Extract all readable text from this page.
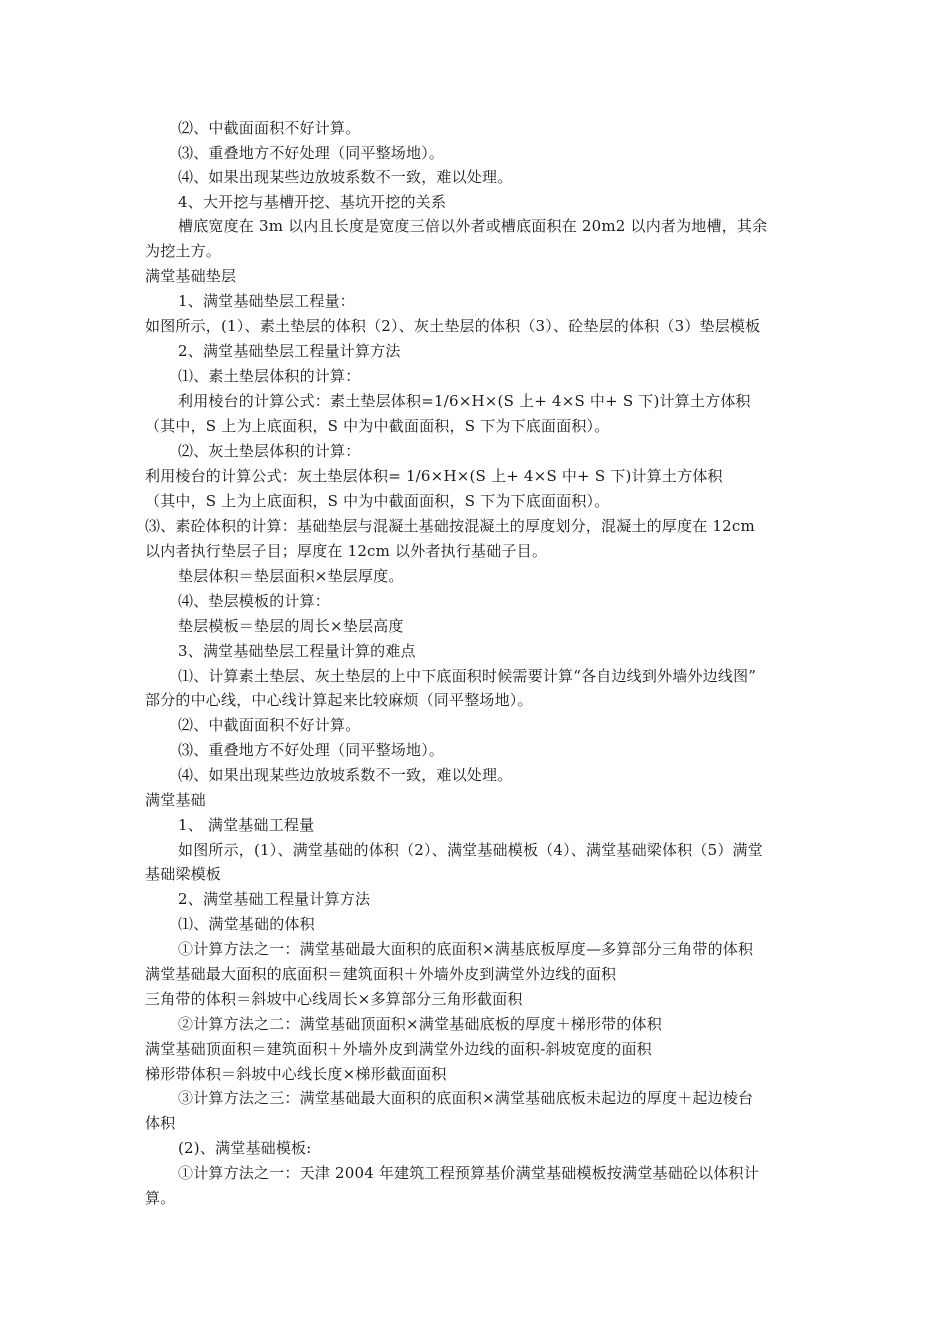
⑵、中截面面积不好计算。
⑶、重叠地方不好处理（同平整场地）。
⑷、如果出现某些边放坡系数不一致，难以处理。
4、大开挖与基槽开挖、基坑开挖的关系
槽底宽度在 3m 以内且长度是宽度三倍以外者或槽底面积在 20m2 以内者为地槽，其余
为挖土方。
满堂基础垫层
1、满堂基础垫层工程量：
如图所示，(1）、素土垫层的体积（2）、灰土垫层的体积（3）、砼垫层的体积（3）垫层模板
2、满堂基础垫层工程量计算方法
⑴、素土垫层体积的计算：
利用棱台的计算公式：素土垫层体积=1/6×H×(S 上+ 4×S 中+ S 下)计算土方体积
（其中，S 上为上底面积，S 中为中截面面积，S 下为下底面面积）。
⑵、灰土垫层体积的计算：
利用棱台的计算公式：灰土垫层体积= 1/6×H×(S 上+ 4×S 中+ S 下)计算土方体积
（其中，S 上为上底面积，S 中为中截面面积，S 下为下底面面积）。
⑶、素砼体积的计算：基础垫层与混凝土基础按混凝土的厚度划分，混凝土的厚度在 12cm
以内者执行垫层子目；厚度在 12cm 以外者执行基础子目。
垫层体积＝垫层面积×垫层厚度。
⑷、垫层模板的计算：
垫层模板＝垫层的周长×垫层高度
3、满堂基础垫层工程量计算的难点
⑴、计算素土垫层、灰土垫层的上中下底面积时候需要计算“各自边线到外墙外边线图”
部分的中心线，中心线计算起来比较麻烦（同平整场地）。
⑵、中截面面积不好计算。
⑶、重叠地方不好处理（同平整场地）。
⑷、如果出现某些边放坡系数不一致，难以处理。
满堂基础
1、 满堂基础工程量
如图所示，(1）、满堂基础的体积（2）、满堂基础模板（4）、满堂基础梁体积（5）满堂
基础梁模板
2、满堂基础工程量计算方法
⑴、满堂基础的体积
①计算方法之一：满堂基础最大面积的底面积×满基底板厚度—多算部分三角带的体积
满堂基础最大面积的底面积＝建筑面积＋外墙外皮到满堂外边线的面积
三角带的体积＝斜坡中心线周长×多算部分三角形截面积
②计算方法之二：满堂基础顶面积×满堂基础底板的厚度＋梯形带的体积
满堂基础顶面积＝建筑面积＋外墙外皮到满堂外边线的面积-斜坡宽度的面积
梯形带体积＝斜坡中心线长度×梯形截面面积
③计算方法之三：满堂基础最大面积的底面积×满堂基础底板未起边的厚度＋起边棱台
体积
(2)、满堂基础模板:
①计算方法之一：天津 2004 年建筑工程预算基价满堂基础模板按满堂基础砼以体积计
算。
